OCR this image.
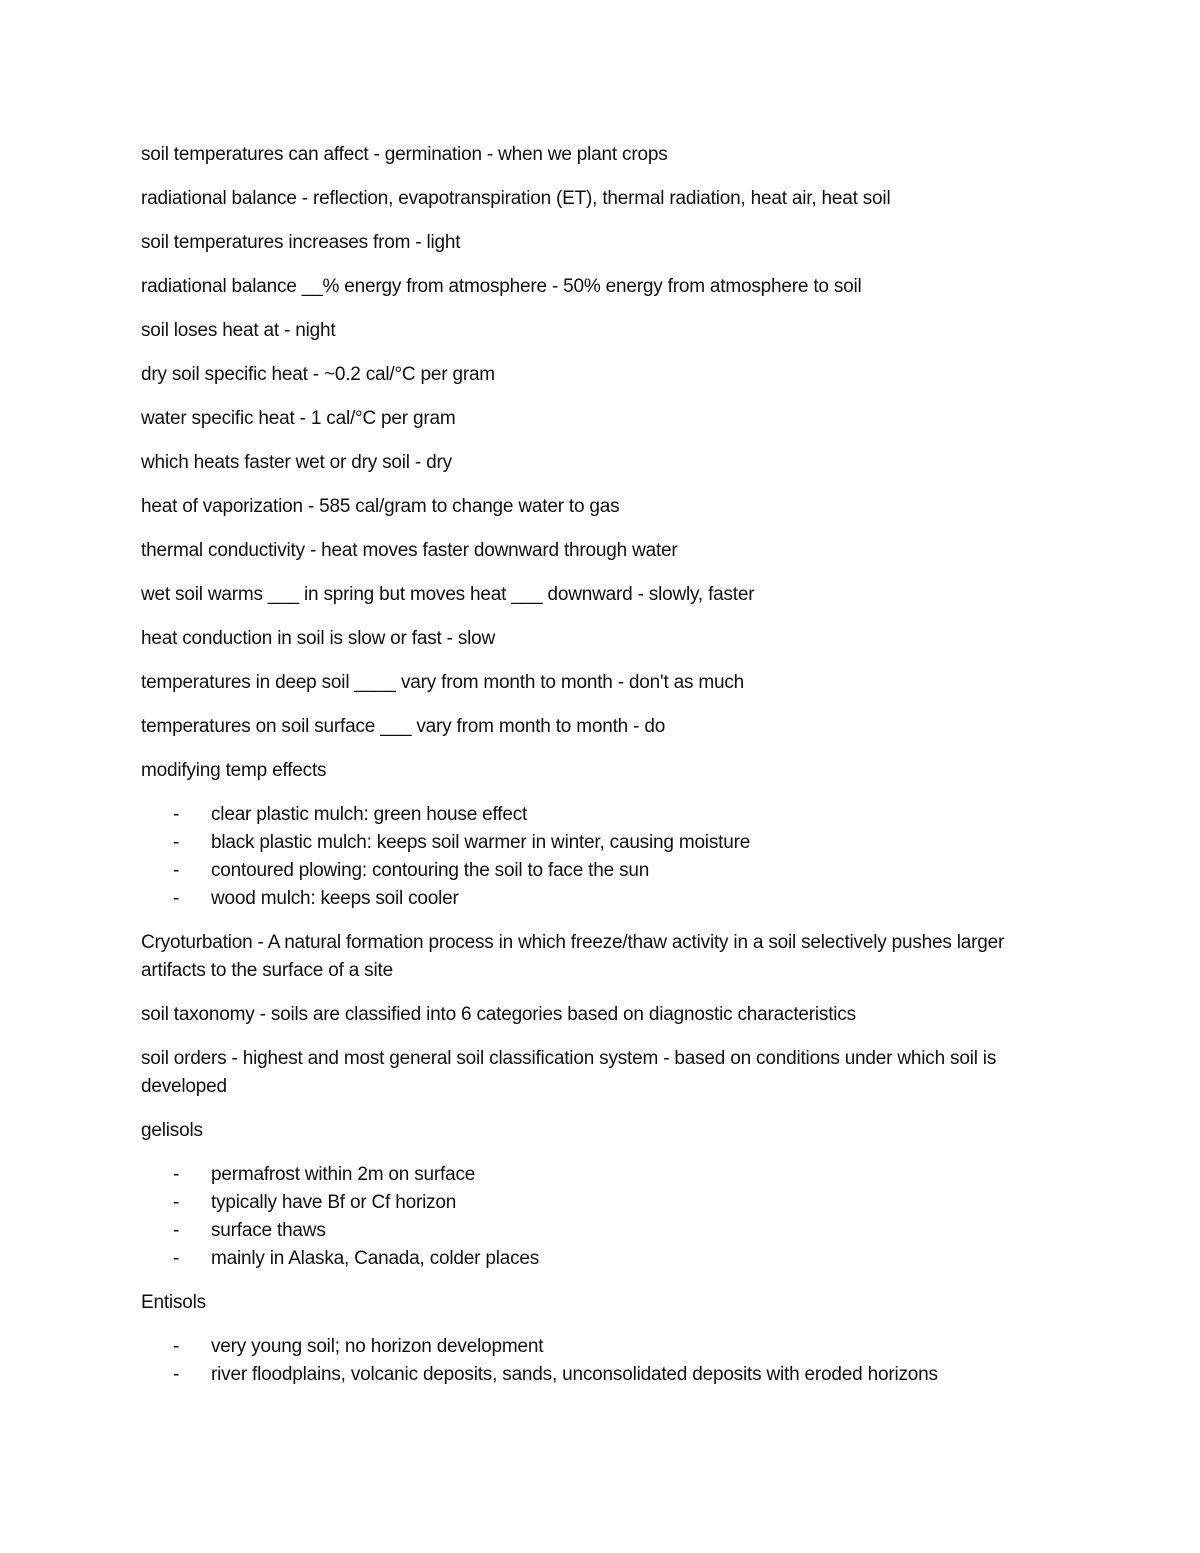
soil temperatures can affect - germination - when we plant crops

radiational balance - reflection, evapotranspiration (ET), thermal radiation, heat air, heat soil

soil temperatures increases from - light

radiational balance __% energy from atmosphere - 50% energy from atmosphere to soil

soil loses heat at - night

dry soil specific heat - ~0.2 cal/°C per gram

water specific heat - 1 cal/°C per gram

which heats faster wet or dry soil - dry

heat of vaporization - 585 cal/gram to change water to gas

thermal conductivity - heat moves faster downward through water

wet soil warms ___ in spring but moves heat ___ downward - slowly, faster

heat conduction in soil is slow or fast - slow

temperatures in deep soil ____ vary from month to month - don't as much

temperatures on soil surface ___ vary from month to month - do

modifying temp effects

- clear plastic mulch: green house effect
- black plastic mulch: keeps soil warmer in winter, causing moisture
- contoured plowing: contouring the soil to face the sun
- wood mulch: keeps soil cooler

Cryoturbation - A natural formation process in which freeze/thaw activity in a soil selectively pushes larger artifacts to the surface of a site

soil taxonomy - soils are classified into 6 categories based on diagnostic characteristics

soil orders - highest and most general soil classification system - based on conditions under which soil is developed

gelisols

- permafrost within 2m on surface
- typically have Bf or Cf horizon
- surface thaws
- mainly in Alaska, Canada, colder places

Entisols

- very young soil; no horizon development
- river floodplains, volcanic deposits, sands, unconsolidated deposits with eroded horizons
